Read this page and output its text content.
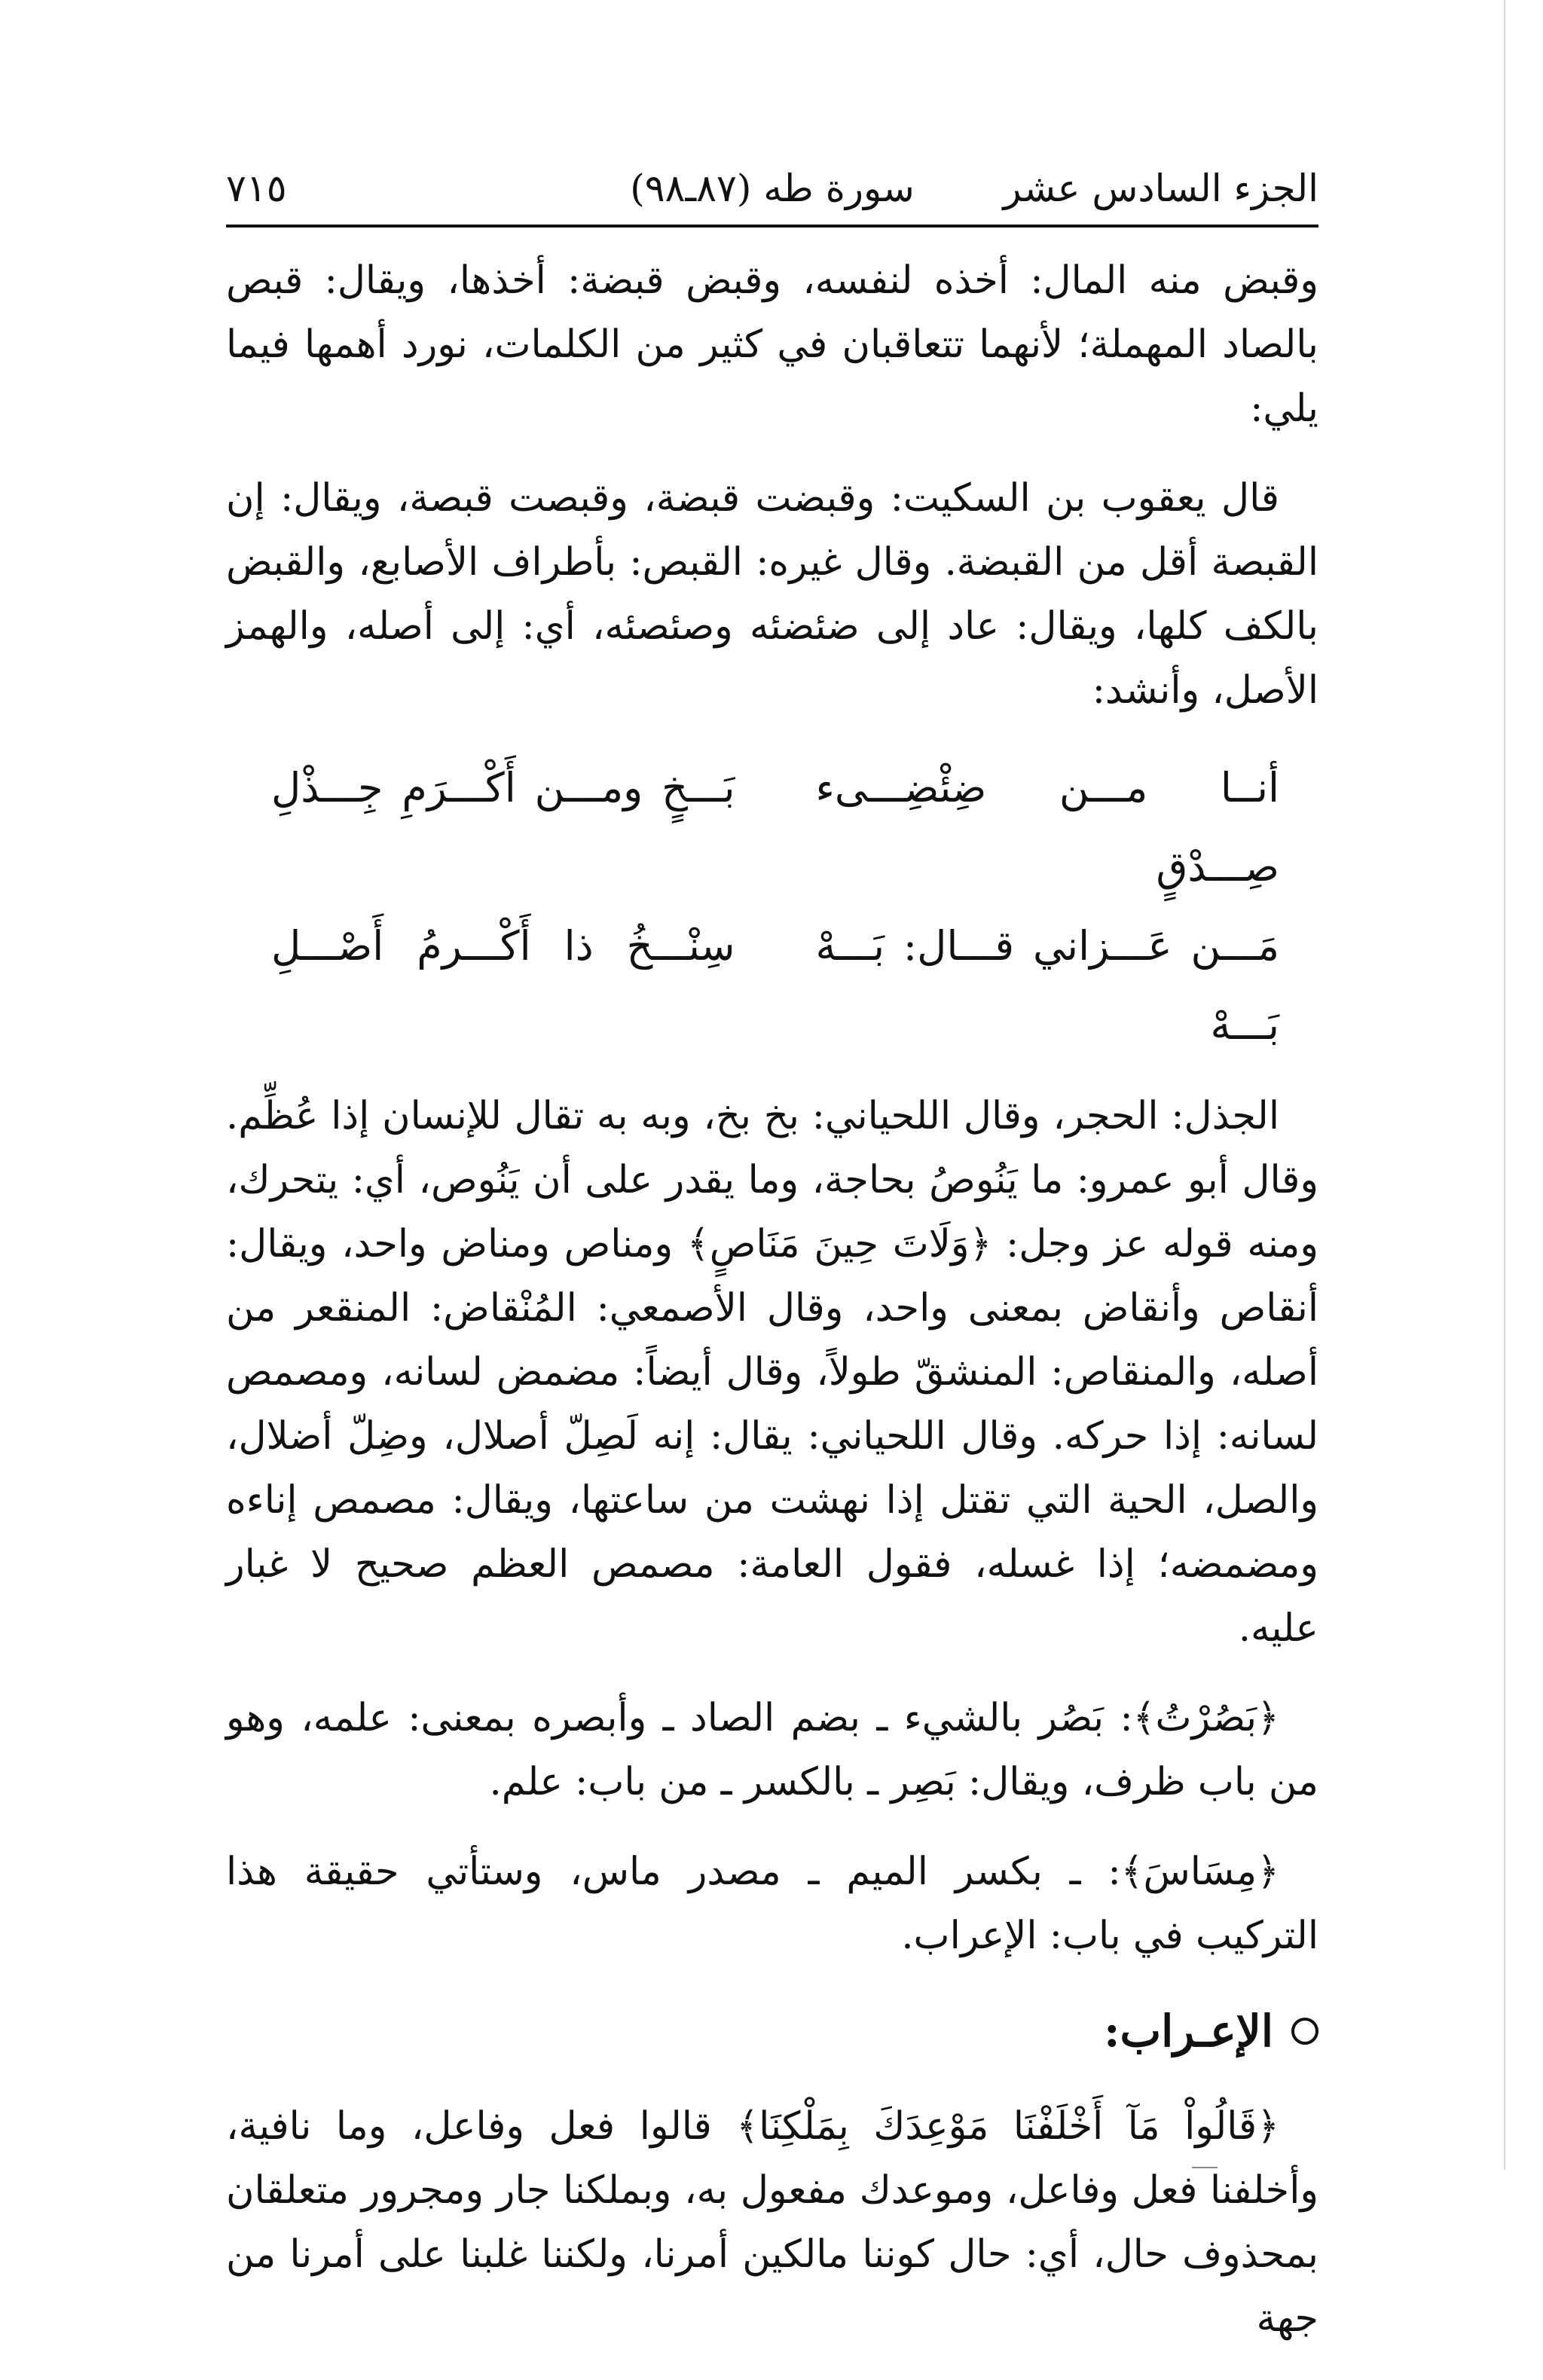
الجزء السادس عشر
سورة طه (٨٧ـ٩٨)
٧١٥

وقبض منه المال: أخذه لنفسه، وقبض قبضة: أخذها، ويقال: قبص بالصاد المهملة؛ لأنهما تتعاقبان في كثير من الكلمات، نورد أهمها فيما يلي:

قال يعقوب بن السكيت: وقبضت قبضة، وقبصت قبصة، ويقال: إن القبصة أقل من القبضة. وقال غيره: القبص: بأطراف الأصابع، والقبض بالكف كلها، ويقال: عاد إلى ضئضئه وصئصئه، أي: إلى أصله، والهمز الأصل، وأنشد:

أنــا مـــن ضِئْضِـــىء صِـــدْقٍ
بَـــخٍ ومـــن أَكْـــرَمِ جِـــذْلِ
مَـــن عَـــزاني قـــال: بَـــهْ بَـــهْ
سِنْـــخُ ذا أَكْـــرمُ أَصْـــلِ

الجذل: الحجر، وقال اللحياني: بخ بخ، وبه به تقال للإنسان إذا عُظِّم. وقال أبو عمرو: ما يَنُوصُ بحاجة، وما يقدر على أن يَنُوص، أي: يتحرك، ومنه قوله عز وجل: ﴿وَلَاتَ حِينَ مَنَاصٍ﴾ ومناص ومناض واحد، ويقال: أنقاص وأنقاض بمعنى واحد، وقال الأصمعي: المُنْقاض: المنقعر من أصله، والمنقاص: المنشقّ طولاً، وقال أيضاً: مضمض لسانه، ومصمص لسانه: إذا حركه. وقال اللحياني: يقال: إنه لَصِلّ أصلال، وضِلّ أضلال، والصل، الحية التي تقتل إذا نهشت من ساعتها، ويقال: مصمص إناءه ومضمضه؛ إذا غسله، فقول العامة: مصمص العظم صحيح لا غبار عليه.

﴿بَصُرْتُ﴾: بَصُر بالشيء ـ بضم الصاد ـ وأبصره بمعنى: علمه، وهو من باب ظرف، ويقال: بَصِر ـ بالكسر ـ من باب: علم.

﴿مِسَاسَ﴾: ـ بكسر الميم ـ مصدر ماس، وستأتي حقيقة هذا التركيب في باب: الإعراب.

الإعـراب:

﴿قَالُواْ مَآ أَخْلَفْنَا مَوْعِدَكَ بِمَلْكِنَا﴾ قالوا فعل وفاعل، وما نافية، وأخلفنا فعل وفاعل، وموعدك مفعول به، وبملكنا جار ومجرور متعلقان بمحذوف حال، أي: حال كوننا مالكين أمرنا، ولكننا غلبنا على أمرنا من جهة
